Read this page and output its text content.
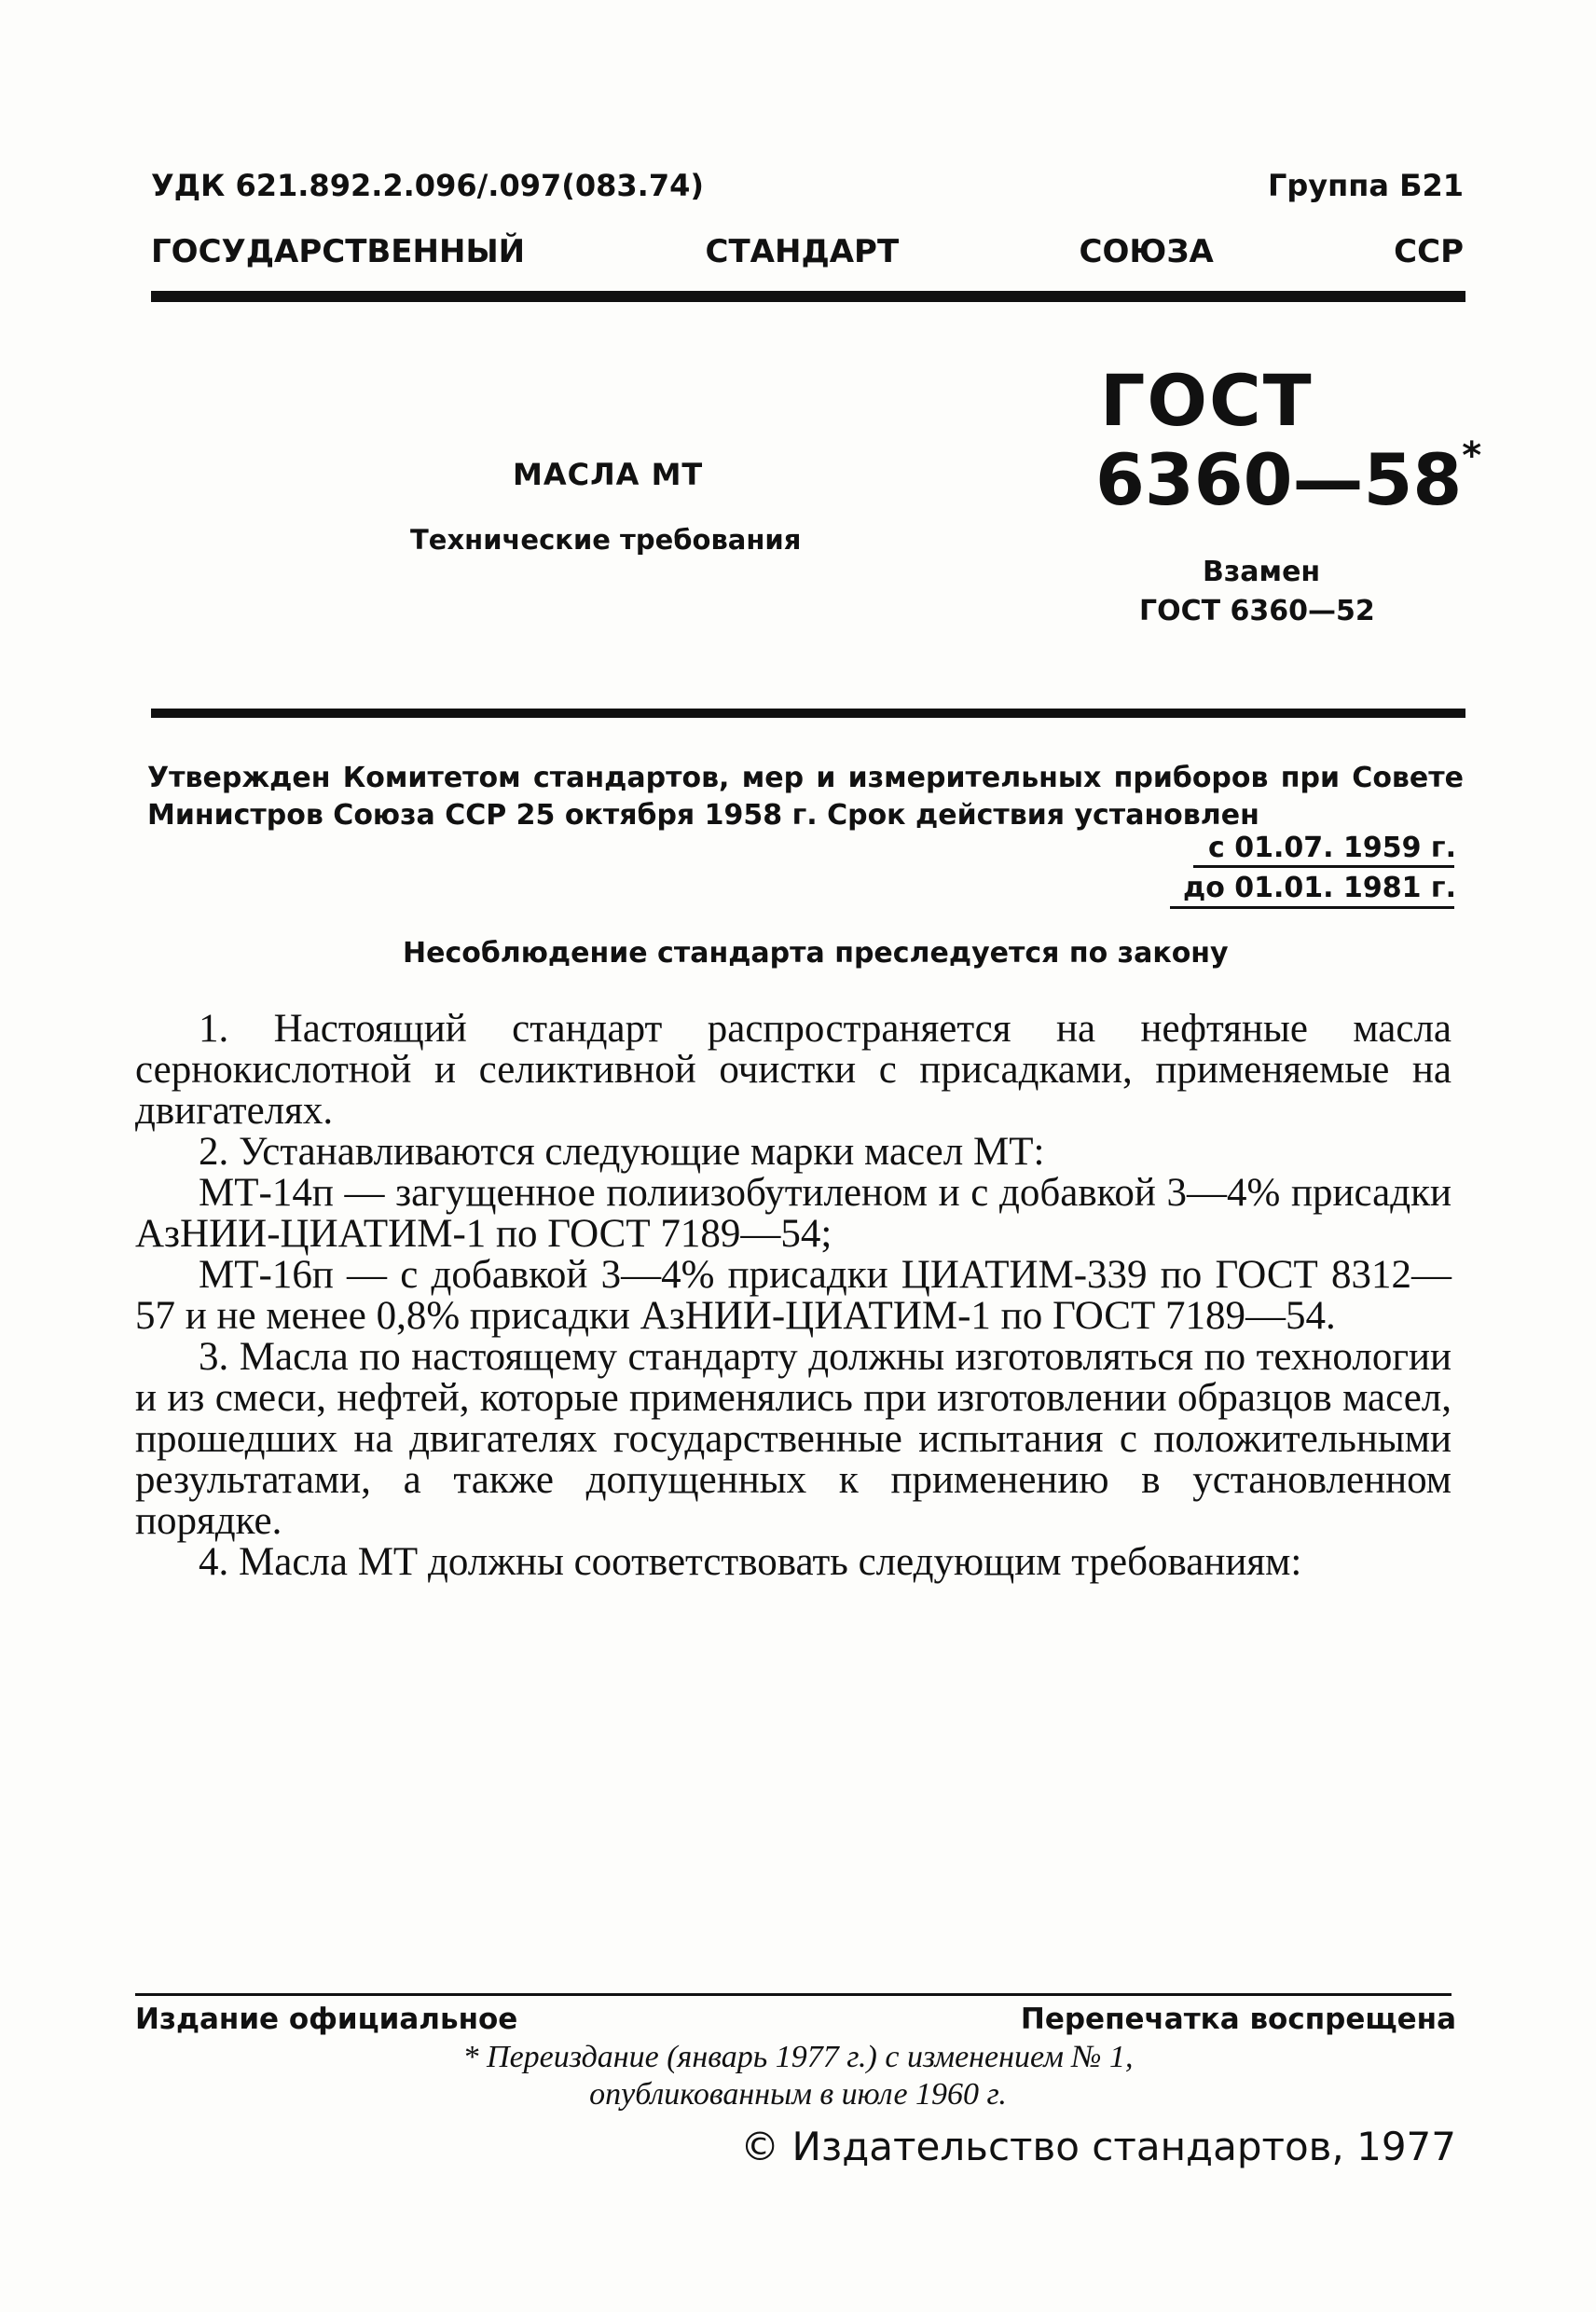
УДК 621.892.2.096/.097(083.74)	Группа Б21
ГОСУДАРСТВЕННЫЙ	СТАНДАРТ	СОЮЗА	ССР
ГОСТ
6360—58*
Взамен
ГОСТ 6360—52
МАСЛА МТ
Технические требования
Утвержден Комитетом стандартов, мер и измерительных приборов при Совете Министров Союза ССР 25 октября 1958 г. Срок действия установлен
с 01.07. 1959 г.
до 01.01. 1981 г.
Несоблюдение стандарта преследуется по закону

1. Настоящий стандарт распространяется на нефтяные масла сернокислотной и селиктивной очистки с присадками, применяемые на двигателях.

2. Устанавливаются следующие марки масел МТ:

МТ-14п — загущенное полиизобутиленом и с добавкой 3—4% присадки АзНИИ-ЦИАТИМ-1 по ГОСТ 7189—54;

МТ-16п — с добавкой 3—4% присадки ЦИАТИМ-339 по ГОСТ 8312—57 и не менее 0,8% присадки АзНИИ-ЦИАТИМ-1 по ГОСТ 7189—54.

3. Масла по настоящему стандарту должны изготовляться по технологии и из смеси, нефтей, которые применялись при изготовлении образцов масел, прошедших на двигателях государственные испытания с положительными результатами, а также допущенных к применению в установленном порядке.

4. Масла МТ должны соответствовать следующим требованиям:

Издание официальное	Перепечатка воспрещена
* Переиздание (январь 1977 г.) с изменением № 1,
опубликованным в июле 1960 г.
© Издательство стандартов, 1977
